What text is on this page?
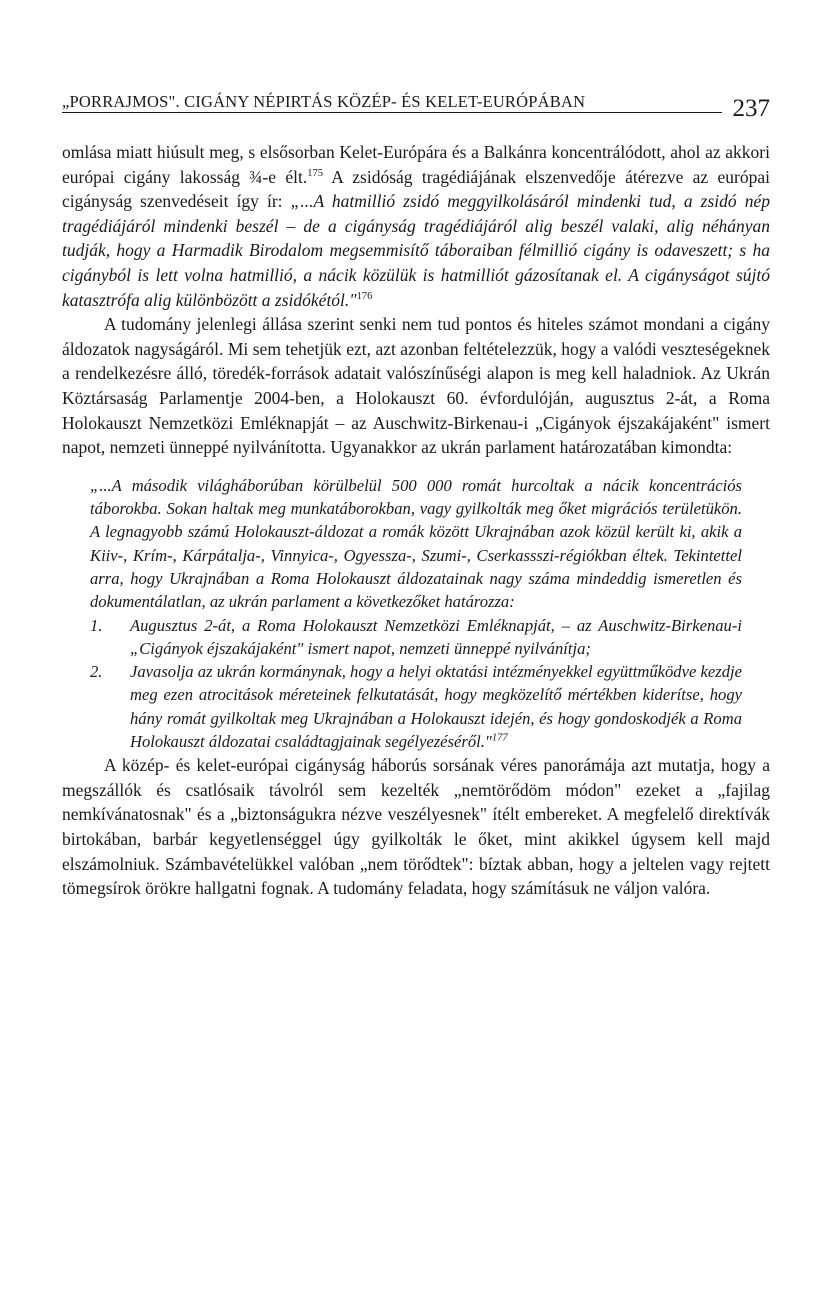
„PORRAJMOS". CIGÁNY NÉPIRTÁS KÖZÉP- ÉS KELET-EURÓPÁBAN	237

omlása miatt hiúsult meg, s elsősorban Kelet-Európára és a Balkánra koncentrálódott, ahol az akkori európai cigány lakosság ¾-e élt.$^{175}$ A zsidóság tragédiájának elszenvedője átérezve az európai cigányság szenvedéseit így ír: „...A hatmillió zsidó meggyilkolásáról mindenki tud, a zsidó nép tragédiájáról mindenki beszél – de a cigányság tragédiájáról alig beszél valaki, alig néhányan tudják, hogy a Harmadik Birodalom megsemmisítő táboraiban félmillió cigány is odaveszett; s ha cigányból is lett volna hatmillió, a nácik közülük is hatmilliót gázosítanak el. A cigányságot sújtó katasztrófa alig különbözött a zsidókétól."$^{176}$

A tudomány jelenlegi állása szerint senki nem tud pontos és hiteles számot mondani a cigány áldozatok nagyságáról. Mi sem tehetjük ezt, azt azonban feltételezzük, hogy a valódi veszteségeknek a rendelkezésre álló, töredék-források adatait valószínűségi alapon is meg kell haladniok. Az Ukrán Köztársaság Parlamentje 2004-ben, a Holokauszt 60. évfordulóján, augusztus 2-át, a Roma Holokauszt Nemzetközi Emléknapját – az Auschwitz-Birkenau-i „Cigányok éjszakájaként" ismert napot, nemzeti ünneppé nyilvánította. Ugyanakkor az ukrán parlament határozatában kimondta:

„...A második világháborúban körülbelül 500 000 romát hurcoltak a nácik koncentrációs táborokba. Sokan haltak meg munkatáborokban, vagy gyilkolták meg őket migrációs területükön. A legnagyobb számú Holokauszt-áldozat a romák között Ukrajnában azok közül került ki, akik a Kiiv-, Krím-, Kárpátalja-, Vinnyica-, Ogyessza-, Szumi-, Cserkassszi-régiókban éltek. Tekintettel arra, hogy Ukrajnában a Roma Holokauszt áldozatainak nagy száma mindeddig ismeretlen és dokumentálatlan, az ukrán parlament a következőket határozza:

1. Augusztus 2-át, a Roma Holokauszt Nemzetközi Emléknapját, – az Auschwitz-Birkenau-i „Cigányok éjszakájaként" ismert napot, nemzeti ünneppé nyilvánítja;
2. Javasolja az ukrán kormánynak, hogy a helyi oktatási intézményekkel együttműködve kezdje meg ezen atrocitások méreteinek felkutatását, hogy megközelítő mértékben kiderítse, hogy hány romát gyilkoltak meg Ukrajnában a Holokauszt idején, és hogy gondoskodjék a Roma Holokauszt áldozatai családtagjainak segélyezéséről."$^{177}$

A közép- és kelet-európai cigányság háborús sorsának véres panorámája azt mutatja, hogy a megszállók és csatlósaik távolról sem kezelték „nemtörődöm módon" ezeket a „fajilag nemkívánatosnak" és a „biztonságukra nézve veszélyesnek" ítélt embereket. A megfelelő direktívák birtokában, barbár kegyetlenséggel úgy gyilkolták le őket, mint akikkel úgysem kell majd elszámolniuk. Számbavételükkel valóban „nem törődtek": bíztak abban, hogy a jeltelen vagy rejtett tömegsírok örökre hallgatni fognak. A tudomány feladata, hogy számításuk ne váljon valóra.
